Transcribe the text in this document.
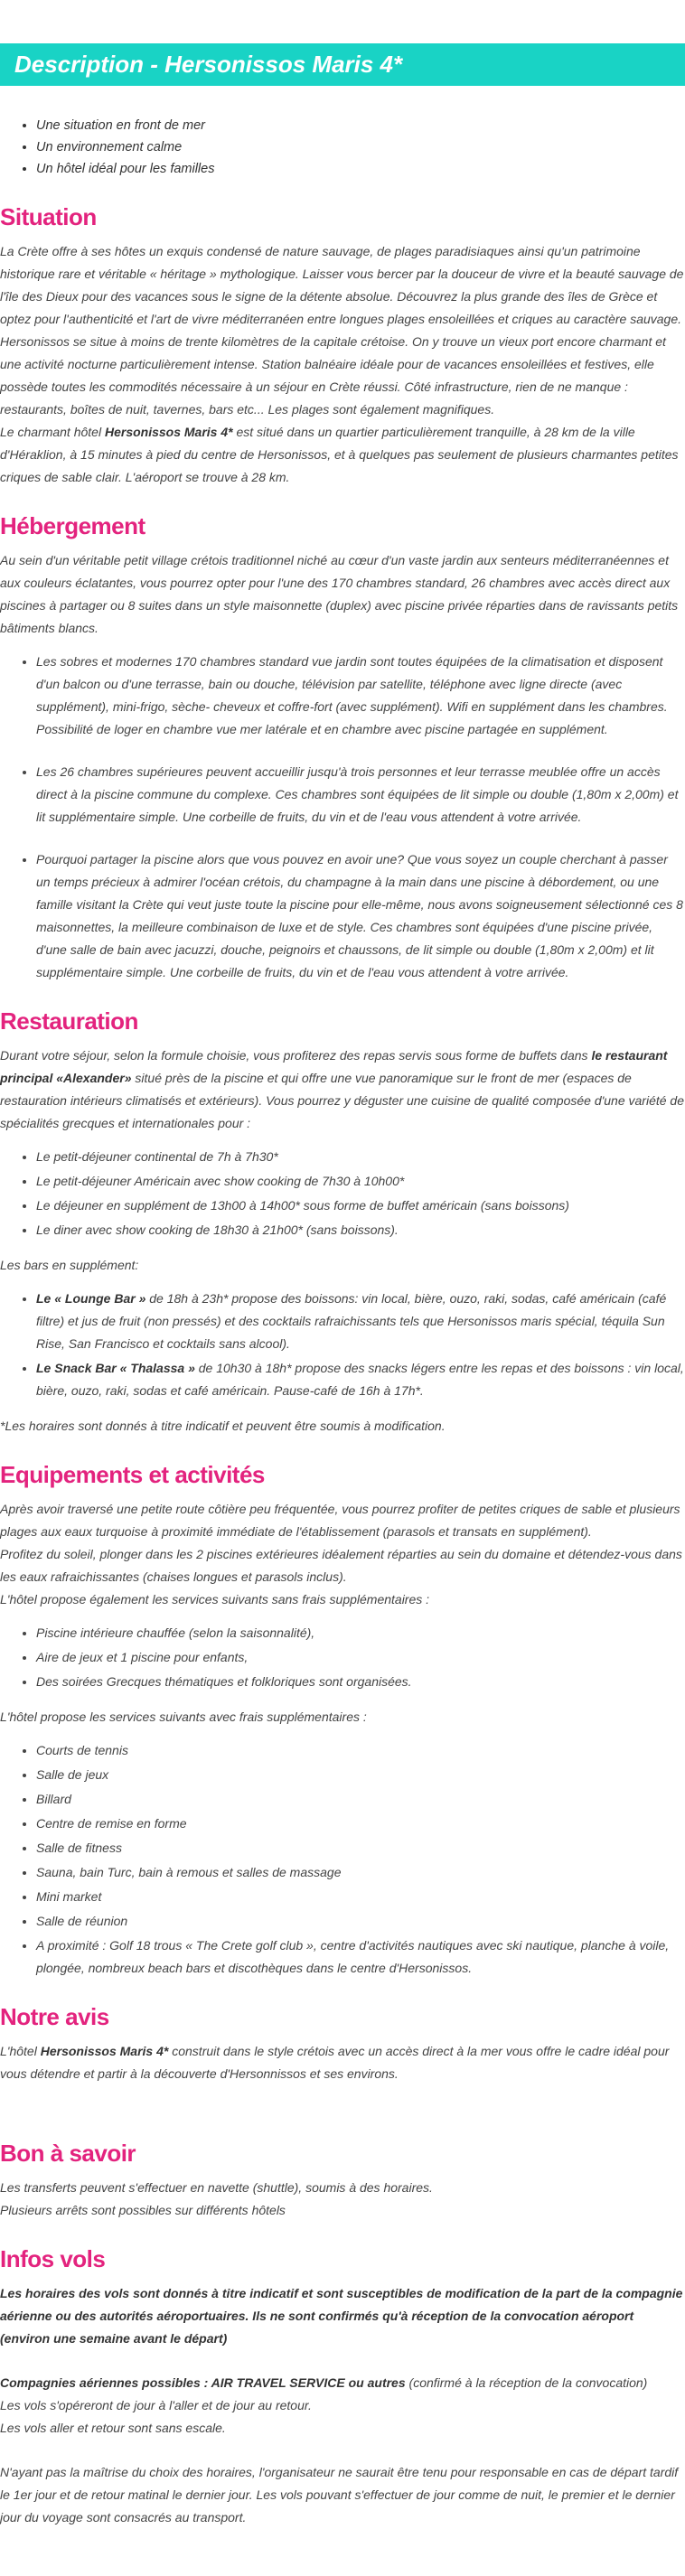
Description - Hersonissos Maris 4*
• Une situation en front de mer
• Un environnement calme
• Un hôtel idéal pour les familles
Situation

La Crète offre à ses hôtes un exquis condensé de nature sauvage, de plages paradisiaques ainsi qu'un patrimoine historique rare et véritable « héritage » mythologique. Laisser vous bercer par la douceur de vivre et la beauté sauvage de l'île des Dieux pour des vacances sous le signe de la détente absolue. Découvrez la plus grande des îles de Grèce et optez pour l'authenticité et l'art de vivre méditerranéen entre longues plages ensoleillées et criques au caractère sauvage. Hersonissos se situe à moins de trente kilomètres de la capitale crétoise. On y trouve un vieux port encore charmant et une activité nocturne particulièrement intense. Station balnéaire idéale pour de vacances ensoleillées et festives, elle possède toutes les commodités nécessaire à un séjour en Crète réussi. Côté infrastructure, rien de ne manque : restaurants, boîtes de nuit, tavernes, bars etc... Les plages sont également magnifiques.
Le charmant hôtel Hersonissos Maris 4* est situé dans un quartier particulièrement tranquille, à 28 km de la ville d'Héraklion, à 15 minutes à pied du centre de Hersonissos, et à quelques pas seulement de plusieurs charmantes petites criques de sable clair. L'aéroport se trouve à 28 km.

Hébergement

Au sein d'un véritable petit village crétois traditionnel niché au cœur d'un vaste jardin aux senteurs méditerranéennes et aux couleurs éclatantes, vous pourrez opter pour l'une des 170 chambres standard, 26 chambres avec accès direct aux piscines à partager ou 8 suites dans un style maisonnette (duplex) avec piscine privée réparties dans de ravissants petits bâtiments blancs.

• Les sobres et modernes 170 chambres standard vue jardin sont toutes équipées de la climatisation et disposent d'un balcon ou d'une terrasse, bain ou douche, télévision par satellite, téléphone avec ligne directe (avec supplément), mini-frigo, sèche- cheveux et coffre-fort (avec supplément). Wifi en supplément dans les chambres. Possibilité de loger en chambre vue mer latérale et en chambre avec piscine partagée en supplément.
• Les 26 chambres supérieures peuvent accueillir jusqu'à trois personnes et leur terrasse meublée offre un accès direct à la piscine commune du complexe. Ces chambres sont équipées de lit simple ou double (1,80m x 2,00m) et lit supplémentaire simple. Une corbeille de fruits, du vin et de l'eau vous attendent à votre arrivée.
• Pourquoi partager la piscine alors que vous pouvez en avoir une? Que vous soyez un couple cherchant à passer un temps précieux à admirer l'océan crétois, du champagne à la main dans une piscine à débordement, ou une famille visitant la Crète qui veut juste toute la piscine pour elle-même, nous avons soigneusement sélectionné ces 8 maisonnettes, la meilleure combinaison de luxe et de style. Ces chambres sont équipées d'une piscine privée, d'une salle de bain avec jacuzzi, douche, peignoirs et chaussons, de lit simple ou double (1,80m x 2,00m) et lit supplémentaire simple. Une corbeille de fruits, du vin et de l'eau vous attendent à votre arrivée.
Restauration

Durant votre séjour, selon la formule choisie, vous profiterez des repas servis sous forme de buffets dans le restaurant principal «Alexander» situé près de la piscine et qui offre une vue panoramique sur le front de mer (espaces de restauration intérieurs climatisés et extérieurs). Vous pourrez y déguster une cuisine de qualité composée d'une variété de spécialités grecques et internationales pour :

• Le petit-déjeuner continental de 7h à 7h30*
• Le petit-déjeuner Américain avec show cooking de 7h30 à 10h00*
• Le déjeuner en supplément de 13h00 à 14h00* sous forme de buffet américain (sans boissons)
• Le diner avec show cooking de 18h30 à 21h00* (sans boissons).

Les bars en supplément:

• Le « Lounge Bar » de 18h à 23h* propose des boissons: vin local, bière, ouzo, raki, sodas, café américain (café filtre) et jus de fruit (non pressés) et des cocktails rafraichissants tels que Hersonissos maris spécial, téquila Sun Rise, San Francisco et cocktails sans alcool).
• Le Snack Bar « Thalassa » de 10h30 à 18h* propose des snacks légers entre les repas et des boissons : vin local, bière, ouzo, raki, sodas et café américain. Pause-café de 16h à 17h*.

*Les horaires sont donnés à titre indicatif et peuvent être soumis à modification.

Equipements et activités

Après avoir traversé une petite route côtière peu fréquentée, vous pourrez profiter de petites criques de sable et plusieurs plages aux eaux turquoise à proximité immédiate de l'établissement (parasols et transats en supplément).
Profitez du soleil, plonger dans les 2 piscines extérieures idéalement réparties au sein du domaine et détendez-vous dans les eaux rafraichissantes (chaises longues et parasols inclus).
L'hôtel propose également les services suivants sans frais supplémentaires :

• Piscine intérieure chauffée (selon la saisonnalité),
• Aire de jeux et 1 piscine pour enfants,
• Des soirées Grecques thématiques et folkloriques sont organisées.

L'hôtel propose les services suivants avec frais supplémentaires :

• Courts de tennis
• Salle de jeux
• Billard
• Centre de remise en forme
• Salle de fitness
• Sauna, bain Turc, bain à remous et salles de massage
• Mini market
• Salle de réunion
• A proximité : Golf 18 trous « The Crete golf club », centre d'activités nautiques avec ski nautique, planche à voile, plongée, nombreux beach bars et discothèques dans le centre d'Hersonissos.
Notre avis

L'hôtel Hersonissos Maris 4* construit dans le style crétois avec un accès direct à la mer vous offre le cadre idéal pour vous détendre et partir à la découverte d'Hersonnissos et ses environs.

Bon à savoir

Les transferts peuvent s'effectuer en navette (shuttle), soumis à des horaires.
Plusieurs arrêts sont possibles sur différents hôtels

Infos vols

Les horaires des vols sont donnés à titre indicatif et sont susceptibles de modification de la part de la compagnie aérienne ou des autorités aéroportuaires. Ils ne sont confirmés qu'à réception de la convocation aéroport (environ une semaine avant le départ)

Compagnies aériennes possibles : AIR TRAVEL SERVICE ou autres (confirmé à la réception de la convocation)
Les vols s'opéreront de jour à l'aller et de jour au retour.
Les vols aller et retour sont sans escale.

N'ayant pas la maîtrise du choix des horaires, l'organisateur ne saurait être tenu pour responsable en cas de départ tardif le 1er jour et de retour matinal le dernier jour. Les vols pouvant s'effectuer de jour comme de nuit, le premier et le dernier jour du voyage sont consacrés au transport.
